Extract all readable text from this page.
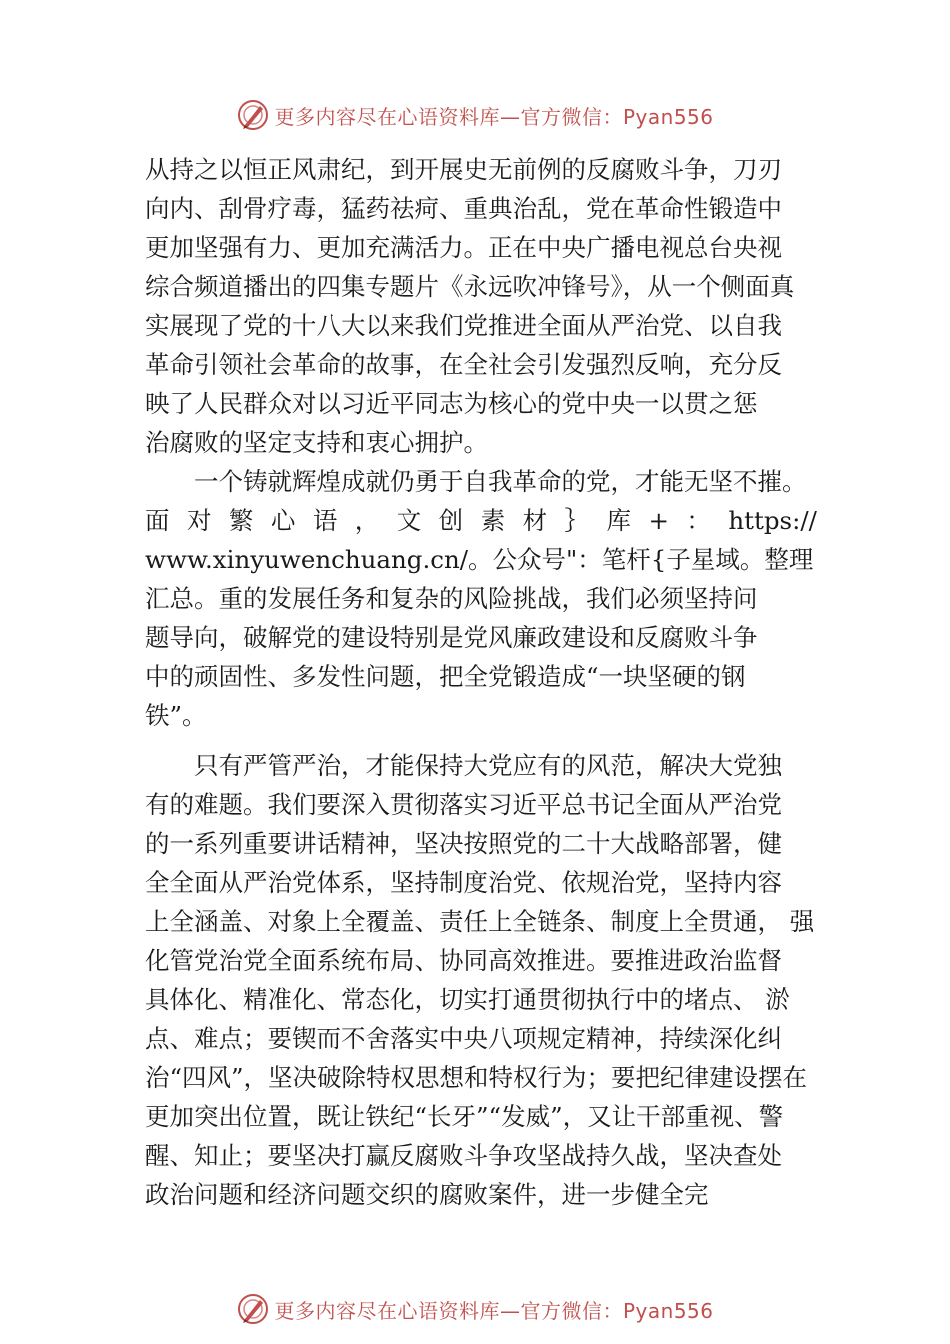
更多内容尽在心语资料库—官方微信：Pyan556
从持之以恒正风肃纪，到开展史无前例的反腐败斗争，刀刃
向内、刮骨疗毒，猛药祛疴、重典治乱，党在革命性锻造中
更加坚强有力、更加充满活力。正在中央广播电视总台央视
综合频道播出的四集专题片《永远吹冲锋号》，从一个侧面真
实展现了党的十八大以来我们党推进全面从严治党、以自我
革命引领社会革命的故事，在全社会引发强烈反响，充分反
映了人民群众对以习近平同志为核心的党中央一以贯之惩
治腐败的坚定支持和衷心拥护。
一个铸就辉煌成就仍勇于自我革命的党，才能无坚不摧。
面 对 繁 心 语 ， 文 创 素 材 ｝ 库 + ： https://
www.xinyuwenchuang.cn/。公众号"：笔杆{子星域。整理
汇总。重的发展任务和复杂的风险挑战，我们必须坚持问
题导向，破解党的建设特别是党风廉政建设和反腐败斗争
中的顽固性、多发性问题，把全党锻造成“一块坚硬的钢
铁”。
只有严管严治，才能保持大党应有的风范，解决大党独
有的难题。我们要深入贯彻落实习近平总书记全面从严治党
的一系列重要讲话精神，坚决按照党的二十大战略部署，健
全全面从严治党体系，坚持制度治党、依规治党，坚持内容
上全涵盖、对象上全覆盖、责任上全链条、制度上全贯通， 强
化管党治党全面系统布局、协同高效推进。要推进政治监督
具体化、精准化、常态化，切实打通贯彻执行中的堵点、 淤
点、难点；要锲而不舍落实中央八项规定精神，持续深化纠
治“四风”，坚决破除特权思想和特权行为；要把纪律建设摆在
更加突出位置，既让铁纪“长牙”“发威”，又让干部重视、警
醒、知止；要坚决打赢反腐败斗争攻坚战持久战，坚决查处
政治问题和经济问题交织的腐败案件，进一步健全完
更多内容尽在心语资料库—官方微信：Pyan556
